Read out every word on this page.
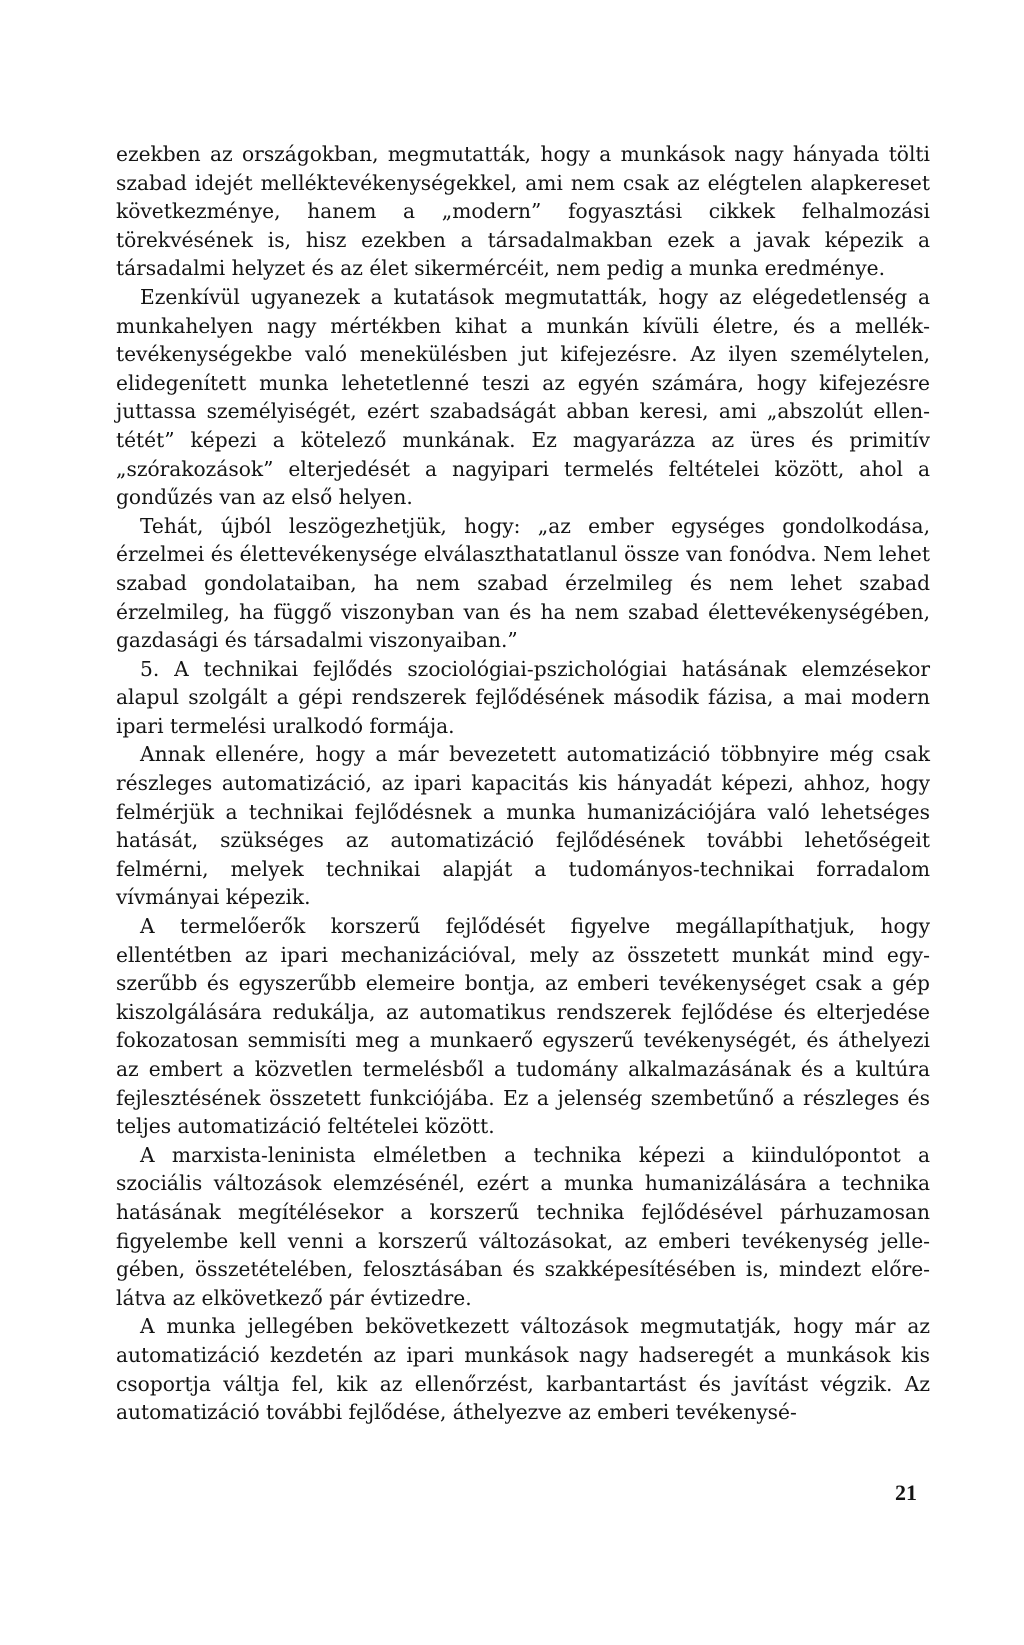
ezekben az országokban, megmutatták, hogy a munkások nagy hányada tölti szabad idejét melléktevékenységekkel, ami nem csak az elégtelen alapkereset következménye, hanem a „modern” fogyasztási cikkek felhalmozási törekvésének is, hisz ezekben a társadalmakban ezek a javak képezik a társadalmi helyzet és az élet sikermércéit, nem pedig a munka eredménye.

Ezenkívül ugyanezek a kutatások megmutatták, hogy az elégedetlenség a munkahelyen nagy mértékben kihat a munkán kívüli életre, és a melléktevékenységekbe való menekülésben jut kifejezésre. Az ilyen személytelen, elidegenített munka lehetetlenné teszi az egyén számára, hogy kifejezésre juttassa személyiségét, ezért szabadságát abban keresi, ami „abszolút ellentétét” képezi a kötelező munkának. Ez magyarázza az üres és primitív „szórakozások” elterjedését a nagyipari termelés feltételei között, ahol a gondűzés van az első helyen.

Tehát, újból leszögezhetjük, hogy: „az ember egységes gondolkodása, érzelmei és élettevékenysége elválaszthatatlanul össze van fonódva. Nem lehet szabad gondolataiban, ha nem szabad érzelmileg és nem lehet szabad érzelmileg, ha függő viszonyban van és ha nem szabad élettevékenységében, gazdasági és társadalmi viszonyaiban.”

5. A technikai fejlődés szociológiai-pszichológiai hatásának elemzésekor alapul szolgált a gépi rendszerek fejlődésének második fázisa, a mai modern ipari termelési uralkodó formája.

Annak ellenére, hogy a már bevezetett automatizáció többnyire még csak részleges automatizáció, az ipari kapacitás kis hányadát képezi, ahhoz, hogy felmérjük a technikai fejlődésnek a munka humanizációjára való lehetséges hatását, szükséges az automatizáció fejlődésének további lehetőségeit felmérni, melyek technikai alapját a tudományos-technikai forradalom vívmányai képezik.

A termelőerők korszerű fejlődését figyelve megállapíthatjuk, hogy ellentétben az ipari mechanizációval, mely az összetett munkát mind egyszerűbb és egyszerűbb elemeire bontja, az emberi tevékenységet csak a gép kiszolgálására redukálja, az automatikus rendszerek fejlődése és elterjedése fokozatosan semmisíti meg a munkaerő egyszerű tevékenységét, és áthelyezi az embert a közvetlen termelésből a tudomány alkalmazásának és a kultúra fejlesztésének összetett funkciójába. Ez a jelenség szembetűnő a részleges és teljes automatizáció feltételei között.

A marxista-leninista elméletben a technika képezi a kiindulópontot a szociális változások elemzésénél, ezért a munka humanizálására a technika hatásának megítélésekor a korszerű technika fejlődésével párhuzamosan figyelembe kell venni a korszerű változásokat, az emberi tevékenység jellegében, összetételében, felosztásában és szakképesítésében is, mindezt előrelátva az elkövetkező pár évtizedre.

A munka jellegében bekövetkezett változások megmutatják, hogy már az automatizáció kezdetén az ipari munkások nagy hadseregét a munkások kis csoportja váltja fel, kik az ellenőrzést, karbantartást és javítást végzik. Az automatizáció további fejlődése, áthelyezve az emberi tevékenysé-

21
